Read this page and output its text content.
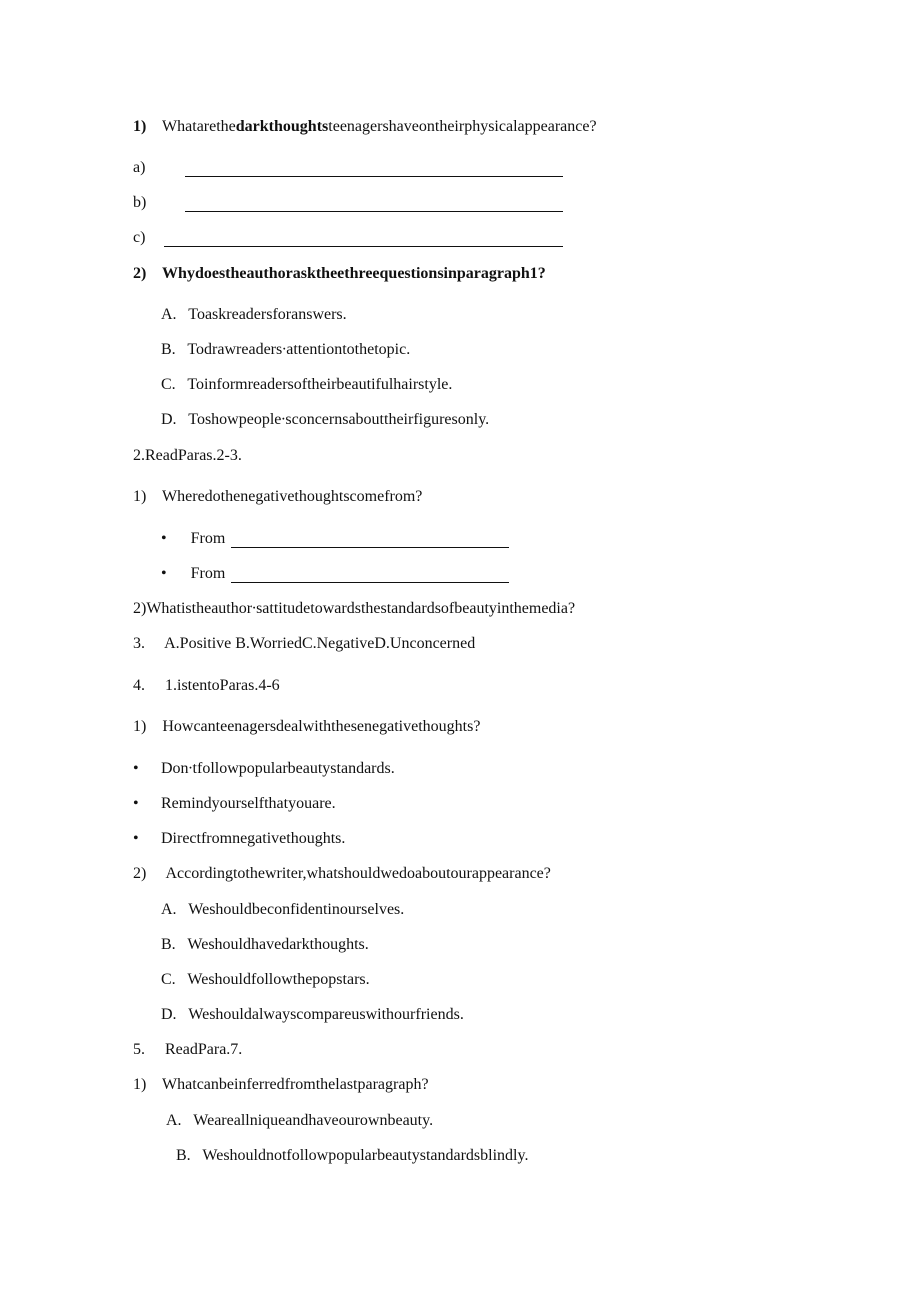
1) Whatarethedarkthoughtsteenagershaveontheirphysicalappearance?
a)
b)
c)
2) Whydoestheauthorasktheethreequestionsinparagraph1?
A. Toaskreadersforanswers.
B. Todrawreaders∙attentiontothetopic.
C. Toinformreadersoftheirbeautifulhairstyle.
D. Toshowpeople∙sconcernsabouttheirfiguresonly.
2.ReadParas.2-3.
1) Wheredothenegativethoughtscomefrom?
• From
• From
2)Whatistheauthor∙sattitudetowardsthestandardsofbeautyinthemedia?
3. A.Positive B.WorriedC.NegativeD.Unconcerned
4. 1.istentoParas.4-6
1) Howcanteenagersdealwiththesenegativethoughts?
• Don∙tfollowpopularbeautystandards.
• Remindyourselfthatyouare.
• Directfromnegativethoughts.
2) Accordingtothewriter,whatshouldwedoaboutourappearance?
A. Weshouldbeconfidentinourselves.
B. Weshouldhavedarkthoughts.
C. Weshouldfollowthepopstars.
D. Weshouldalwayscompareuswithourfriends.
5. ReadPara.7.
1) Whatcanbeinferredfromthelastparagraph?
A. Weareallniqueandhaveourownbeauty.
B. Weshouldnotfollowpopularbeautystandardsblindly.
